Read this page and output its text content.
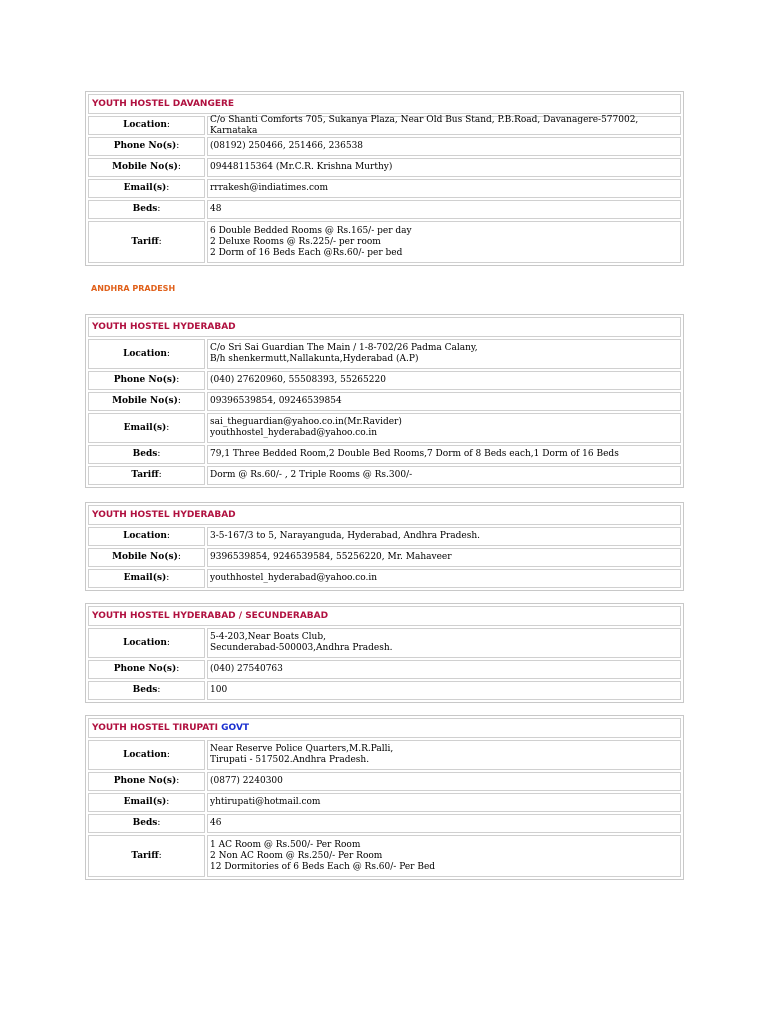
YOUTH HOSTEL DAVANGERE
Location :
C/o Shanti Comforts 705, Sukanya Plaza, Near Old Bus Stand, P.B.Road, Davanagere-577002, Karnataka
Phone No(s) :	(08192) 250466, 251466, 236538
Mobile No(s) :	09448115364 (Mr.C.R. Krishna Murthy)
Email(s) :	rrrakesh@indiatimes.com
Beds :	48
Tariff :
6 Double Bedded Rooms @ Rs.165/- per day
2 Deluxe Rooms @ Rs.225/- per room
2 Dorm of 16 Beds Each @Rs.60/- per bed
ANDHRA PRADESH
YOUTH HOSTEL HYDERABAD
Location :
C/o Sri Sai Guardian The Main / 1-8-702/26 Padma Calany,
B/h shenkermutt,Nallakunta,Hyderabad (A.P)
Phone No(s) :	(040) 27620960, 55508393, 55265220
Mobile No(s) :	09396539854, 09246539854
Email(s) :
sai_theguardian@yahoo.co.in(Mr.Ravider)
youthhostel_hyderabad@yahoo.co.in
Beds :	79,1 Three Bedded Room,2 Double Bed Rooms,7 Dorm of 8 Beds each,1 Dorm of 16 Beds
Tariff :	Dorm @ Rs.60/- , 2 Triple Rooms @ Rs.300/-
YOUTH HOSTEL HYDERABAD
Location :	3-5-167/3 to 5, Narayanguda, Hyderabad, Andhra Pradesh.
Mobile No(s) :	9396539854, 9246539584, 55256220, Mr. Mahaveer
Email(s) :	youthhostel_hyderabad@yahoo.co.in
YOUTH HOSTEL HYDERABAD / SECUNDERABAD
Location :
5-4-203,Near Boats Club,
Secunderabad-500003,Andhra Pradesh.
Phone No(s) :	(040) 27540763
Beds :	100
YOUTH HOSTEL TIRUPATI GOVT
Location :
Near Reserve Police Quarters,M.R.Palli,
Tirupati - 517502.Andhra Pradesh.
Phone No(s) :	(0877) 2240300
Email(s) :	yhtirupati@hotmail.com
Beds :	46
Tariff :
1 AC Room @ Rs.500/- Per Room
2 Non AC Room @ Rs.250/- Per Room
12 Dormitories of 6 Beds Each @ Rs.60/- Per Bed
